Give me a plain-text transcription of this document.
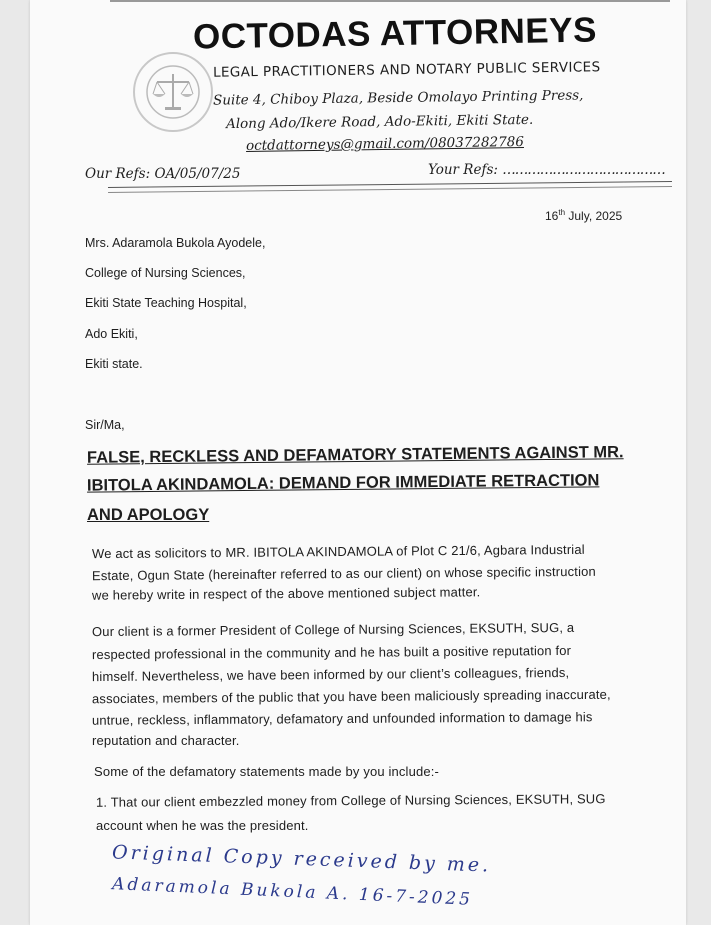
OCTODAS ATTORNEYS
LEGAL PRACTITIONERS AND NOTARY PUBLIC SERVICES
Suite 4, Chiboy Plaza, Beside Omolayo Printing Press,
Along Ado/Ikere Road, Ado-Ekiti, Ekiti State.
octdattorneys@gmail.com/08037282786
Our Refs: OA/05/07/25	Your Refs: …………………………………
16th July, 2025
Mrs. Adaramola Bukola Ayodele,
College of Nursing Sciences,
Ekiti State Teaching Hospital,
Ado Ekiti,
Ekiti state.
Sir/Ma,
FALSE, RECKLESS AND DEFAMATORY STATEMENTS AGAINST MR.
IBITOLA AKINDAMOLA: DEMAND FOR IMMEDIATE RETRACTION
AND APOLOGY
We act as solicitors to MR. IBITOLA AKINDAMOLA of Plot C 21/6, Agbara Industrial
Estate, Ogun State (hereinafter referred to as our client) on whose specific instruction
we hereby write in respect of the above mentioned subject matter.
Our client is a former President of College of Nursing Sciences, EKSUTH, SUG, a
respected professional in the community and he has built a positive reputation for
himself. Nevertheless, we have been informed by our client’s colleagues, friends,
associates, members of the public that you have been maliciously spreading inaccurate,
untrue, reckless, inflammatory, defamatory and unfounded information to damage his
reputation and character.
Some of the defamatory statements made by you include:-
1. That our client embezzled money from College of Nursing Sciences, EKSUTH, SUG
account when he was the president.
Original Copy received by me.
Adaramola Bukola A. 16-7-2025
